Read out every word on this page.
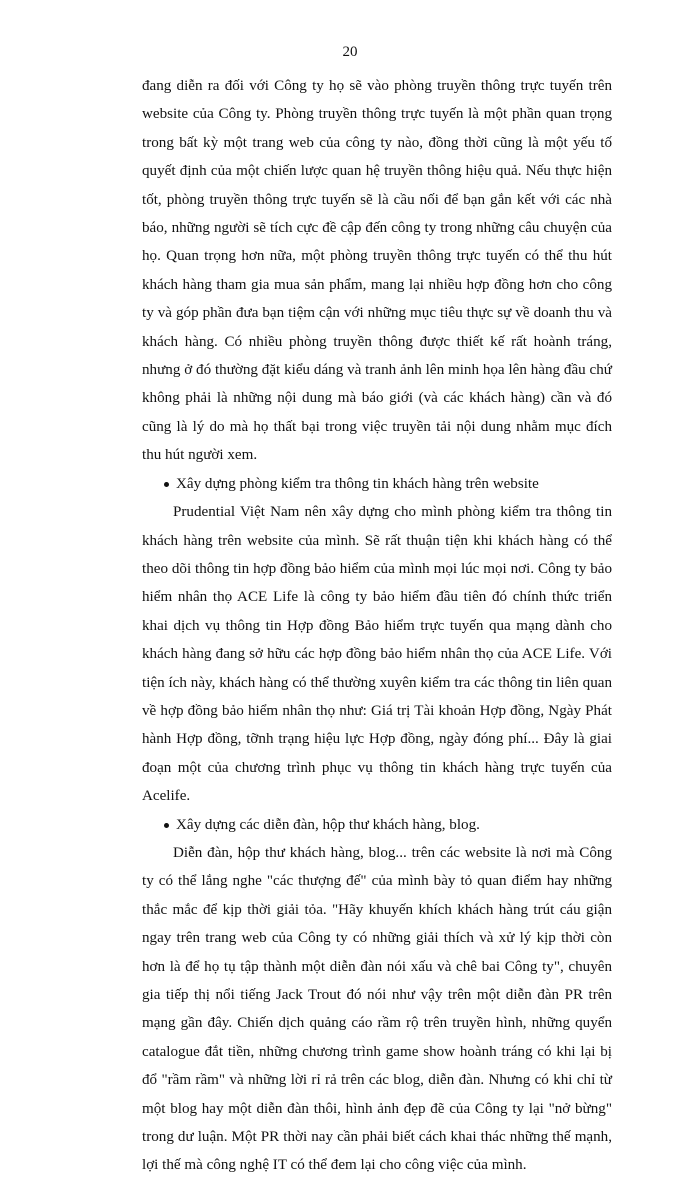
20

đang diễn ra đối với Công ty họ sẽ vào phòng truyền thông trực tuyến trên website của Công ty. Phòng truyền thông trực tuyến là một phần quan trọng trong bất kỳ một trang web của công ty nào, đồng thời cũng là một yếu tố quyết định của một chiến lược quan hệ truyền thông hiệu quả. Nếu thực hiện tốt, phòng truyền thông trực tuyến sẽ là cầu nối để bạn gắn kết với các nhà báo, những người sẽ tích cực đề cập đến công ty trong những câu chuyện của họ. Quan trọng hơn nữa, một phòng truyền thông trực tuyến có thể thu hút khách hàng tham gia mua sản phẩm, mang lại nhiều hợp đồng hơn cho công ty và góp phần đưa bạn tiệm cận với những mục tiêu thực sự về doanh thu và khách hàng. Có nhiều phòng truyền thông được thiết kế rất hoành tráng, nhưng ở đó thường đặt kiểu dáng và tranh ảnh lên minh họa lên hàng đầu chứ không phải là những nội dung mà báo giới (và các khách hàng) cần và đó cũng là lý do mà họ thất bại trong việc truyền tải nội dung nhằm mục đích thu hút người xem.

Xây dựng phòng kiểm tra thông tin khách hàng trên website

Prudential Việt Nam nên xây dựng cho mình phòng kiểm tra thông tin khách hàng trên website của mình. Sẽ rất thuận tiện khi khách hàng có thể theo dõi thông tin hợp đồng bảo hiểm của mình mọi lúc mọi nơi. Công ty bảo hiểm nhân thọ ACE Life là công ty bảo hiểm đầu tiên đó chính thức triển khai dịch vụ thông tin Hợp đồng Bảo hiểm trực tuyến qua mạng dành cho khách hàng đang sở hữu các hợp đồng bảo hiểm nhân thọ của ACE Life. Với tiện ích này, khách hàng có thể thường xuyên kiểm tra các thông tin liên quan về hợp đồng bảo hiểm nhân thọ như: Giá trị Tài khoản Hợp đồng, Ngày Phát hành Hợp đồng, tỡnh trạng hiệu lực Hợp đồng, ngày đóng phí... Đây là giai đoạn một của chương trình phục vụ thông tin khách hàng trực tuyến của Acelife.

Xây dựng các diễn đàn, hộp thư khách hàng, blog.

Diễn đàn, hộp thư khách hàng, blog... trên các website là nơi mà Công ty có thể lắng nghe "các thượng đế" của mình bày tỏ quan điểm hay những thắc mắc để kịp thời giải tỏa. "Hãy khuyến khích khách hàng trút cáu giận ngay trên trang web của Công ty có những giải thích và xử lý kịp thời còn hơn là để họ tụ tập thành một diễn đàn nói xấu và chê bai Công ty", chuyên gia tiếp thị nổi tiếng Jack Trout đó nói như vậy trên một diễn đàn PR trên mạng gần đây. Chiến dịch quảng cáo rầm rộ trên truyền hình, những quyển catalogue đắt tiền, những chương trình game show hoành tráng có khi lại bị đổ "rầm rầm" và những lời rỉ rả trên các blog, diễn đàn. Nhưng có khi chỉ từ một blog hay một diễn đàn thôi, hình ảnh đẹp đẽ của Công ty lại "nở bừng" trong dư luận. Một PR thời nay cần phải biết cách khai thác những thế mạnh, lợi thế mà công nghệ IT có thể đem lại cho công việc của mình.
